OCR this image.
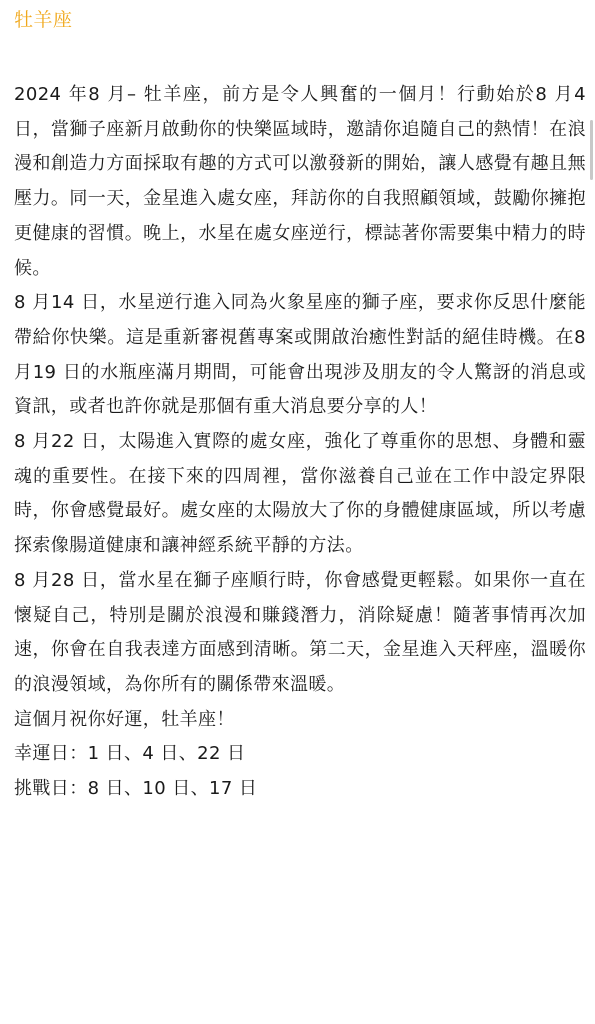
牡羊座

2024 年8 月– 牡羊座，前方是令人興奮的一個月！行動始於8 月4 日，當獅子座新月啟動你的快樂區域時，邀請你追隨自己的熱情！在浪漫和創造力方面採取有趣的方式可以激發新的開始，讓人感覺有趣且無壓力。同一天，金星進入處女座，拜訪你的自我照顧領域，鼓勵你擁抱更健康的習慣。晚上，水星在處女座逆行，標誌著你需要集中精力的時候。

8 月14 日，水星逆行進入同為火象星座的獅子座，要求你反思什麼能帶給你快樂。這是重新審視舊專案或開啟治癒性對話的絕佳時機。在8 月19 日的水瓶座滿月期間，可能會出現涉及朋友的令人驚訝的消息或資訊，或者也許你就是那個有重大消息要分享的人！

8 月22 日，太陽進入實際的處女座，強化了尊重你的思想、身體和靈魂的重要性。在接下來的四周裡，當你滋養自己並在工作中設定界限時，你會感覺最好。處女座的太陽放大了你的身體健康區域，所以考慮探索像腸道健康和讓神經系統平靜的方法。

8 月28 日，當水星在獅子座順行時，你會感覺更輕鬆。如果你一直在懷疑自己，特別是關於浪漫和賺錢潛力，消除疑慮！隨著事情再次加速，你會在自我表達方面感到清晰。第二天，金星進入天秤座，溫暖你的浪漫領域，為你所有的關係帶來溫暖。

這個月祝你好運，牡羊座！

幸運日：1 日、4 日、22 日

挑戰日：8 日、10 日、17 日
